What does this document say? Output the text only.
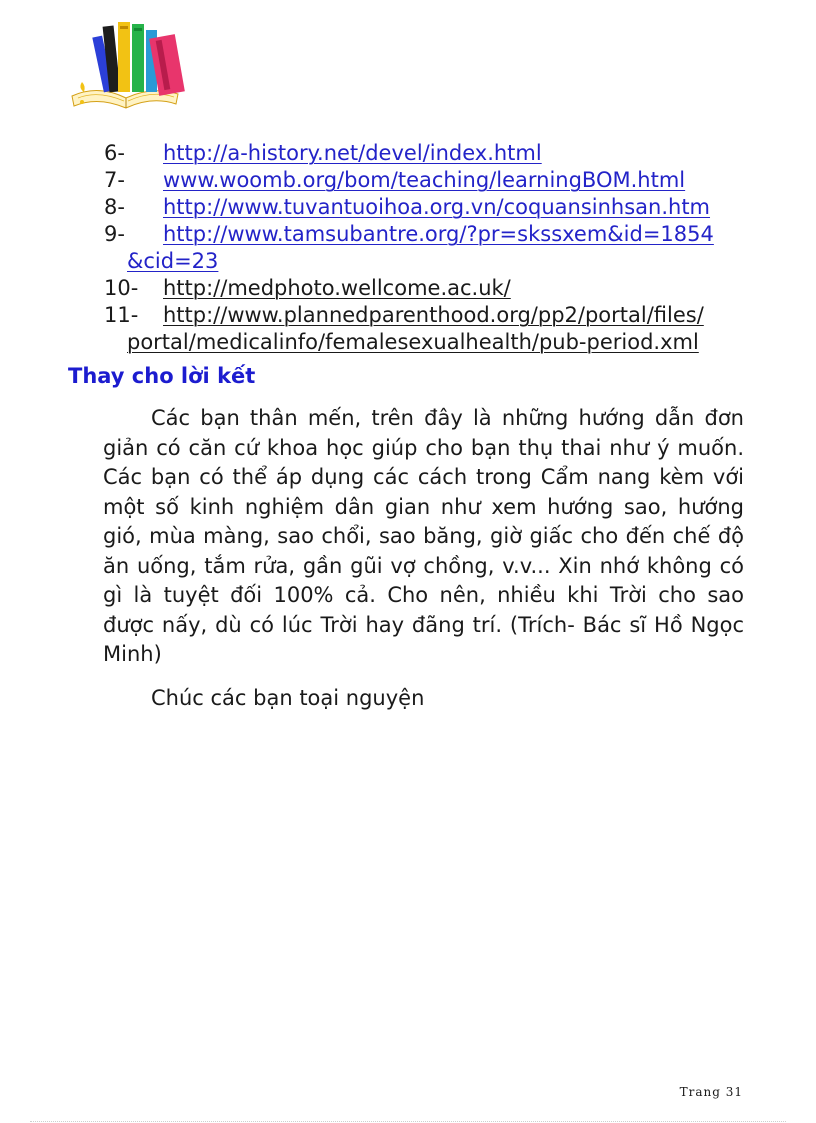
6- http://a-history.net/devel/index.html
7- www.woomb.org/bom/teaching/learningBOM.html
8- http://www.tuvantuoihoa.org.vn/coquansinhsan.htm
9- http://www.tamsubantre.org/?pr=skssxem&id=1854
&cid=23
10- http://medphoto.wellcome.ac.uk/
11- http://www.plannedparenthood.org/pp2/portal/files/
portal/medicalinfo/femalesexualhealth/pub-period.xml
Thay cho lời kết

Các bạn thân mến, trên đây là những hướng dẫn đơn giản có căn cứ khoa học giúp cho bạn thụ thai như ý muốn. Các bạn có thể áp dụng các cách trong Cẩm nang kèm với một số kinh nghiệm dân gian như xem hướng sao, hướng gió, mùa màng, sao chổi, sao băng, giờ giấc cho đến chế độ ăn uống, tắm rửa, gần gũi vợ chồng, v.v... Xin nhớ không có gì là tuyệt đối 100% cả. Cho nên, nhiều khi Trời cho sao được nấy, dù có lúc Trời hay đãng trí. (Trích- Bác sĩ Hồ Ngọc Minh)

Chúc các bạn toại nguyện

Trang 31
